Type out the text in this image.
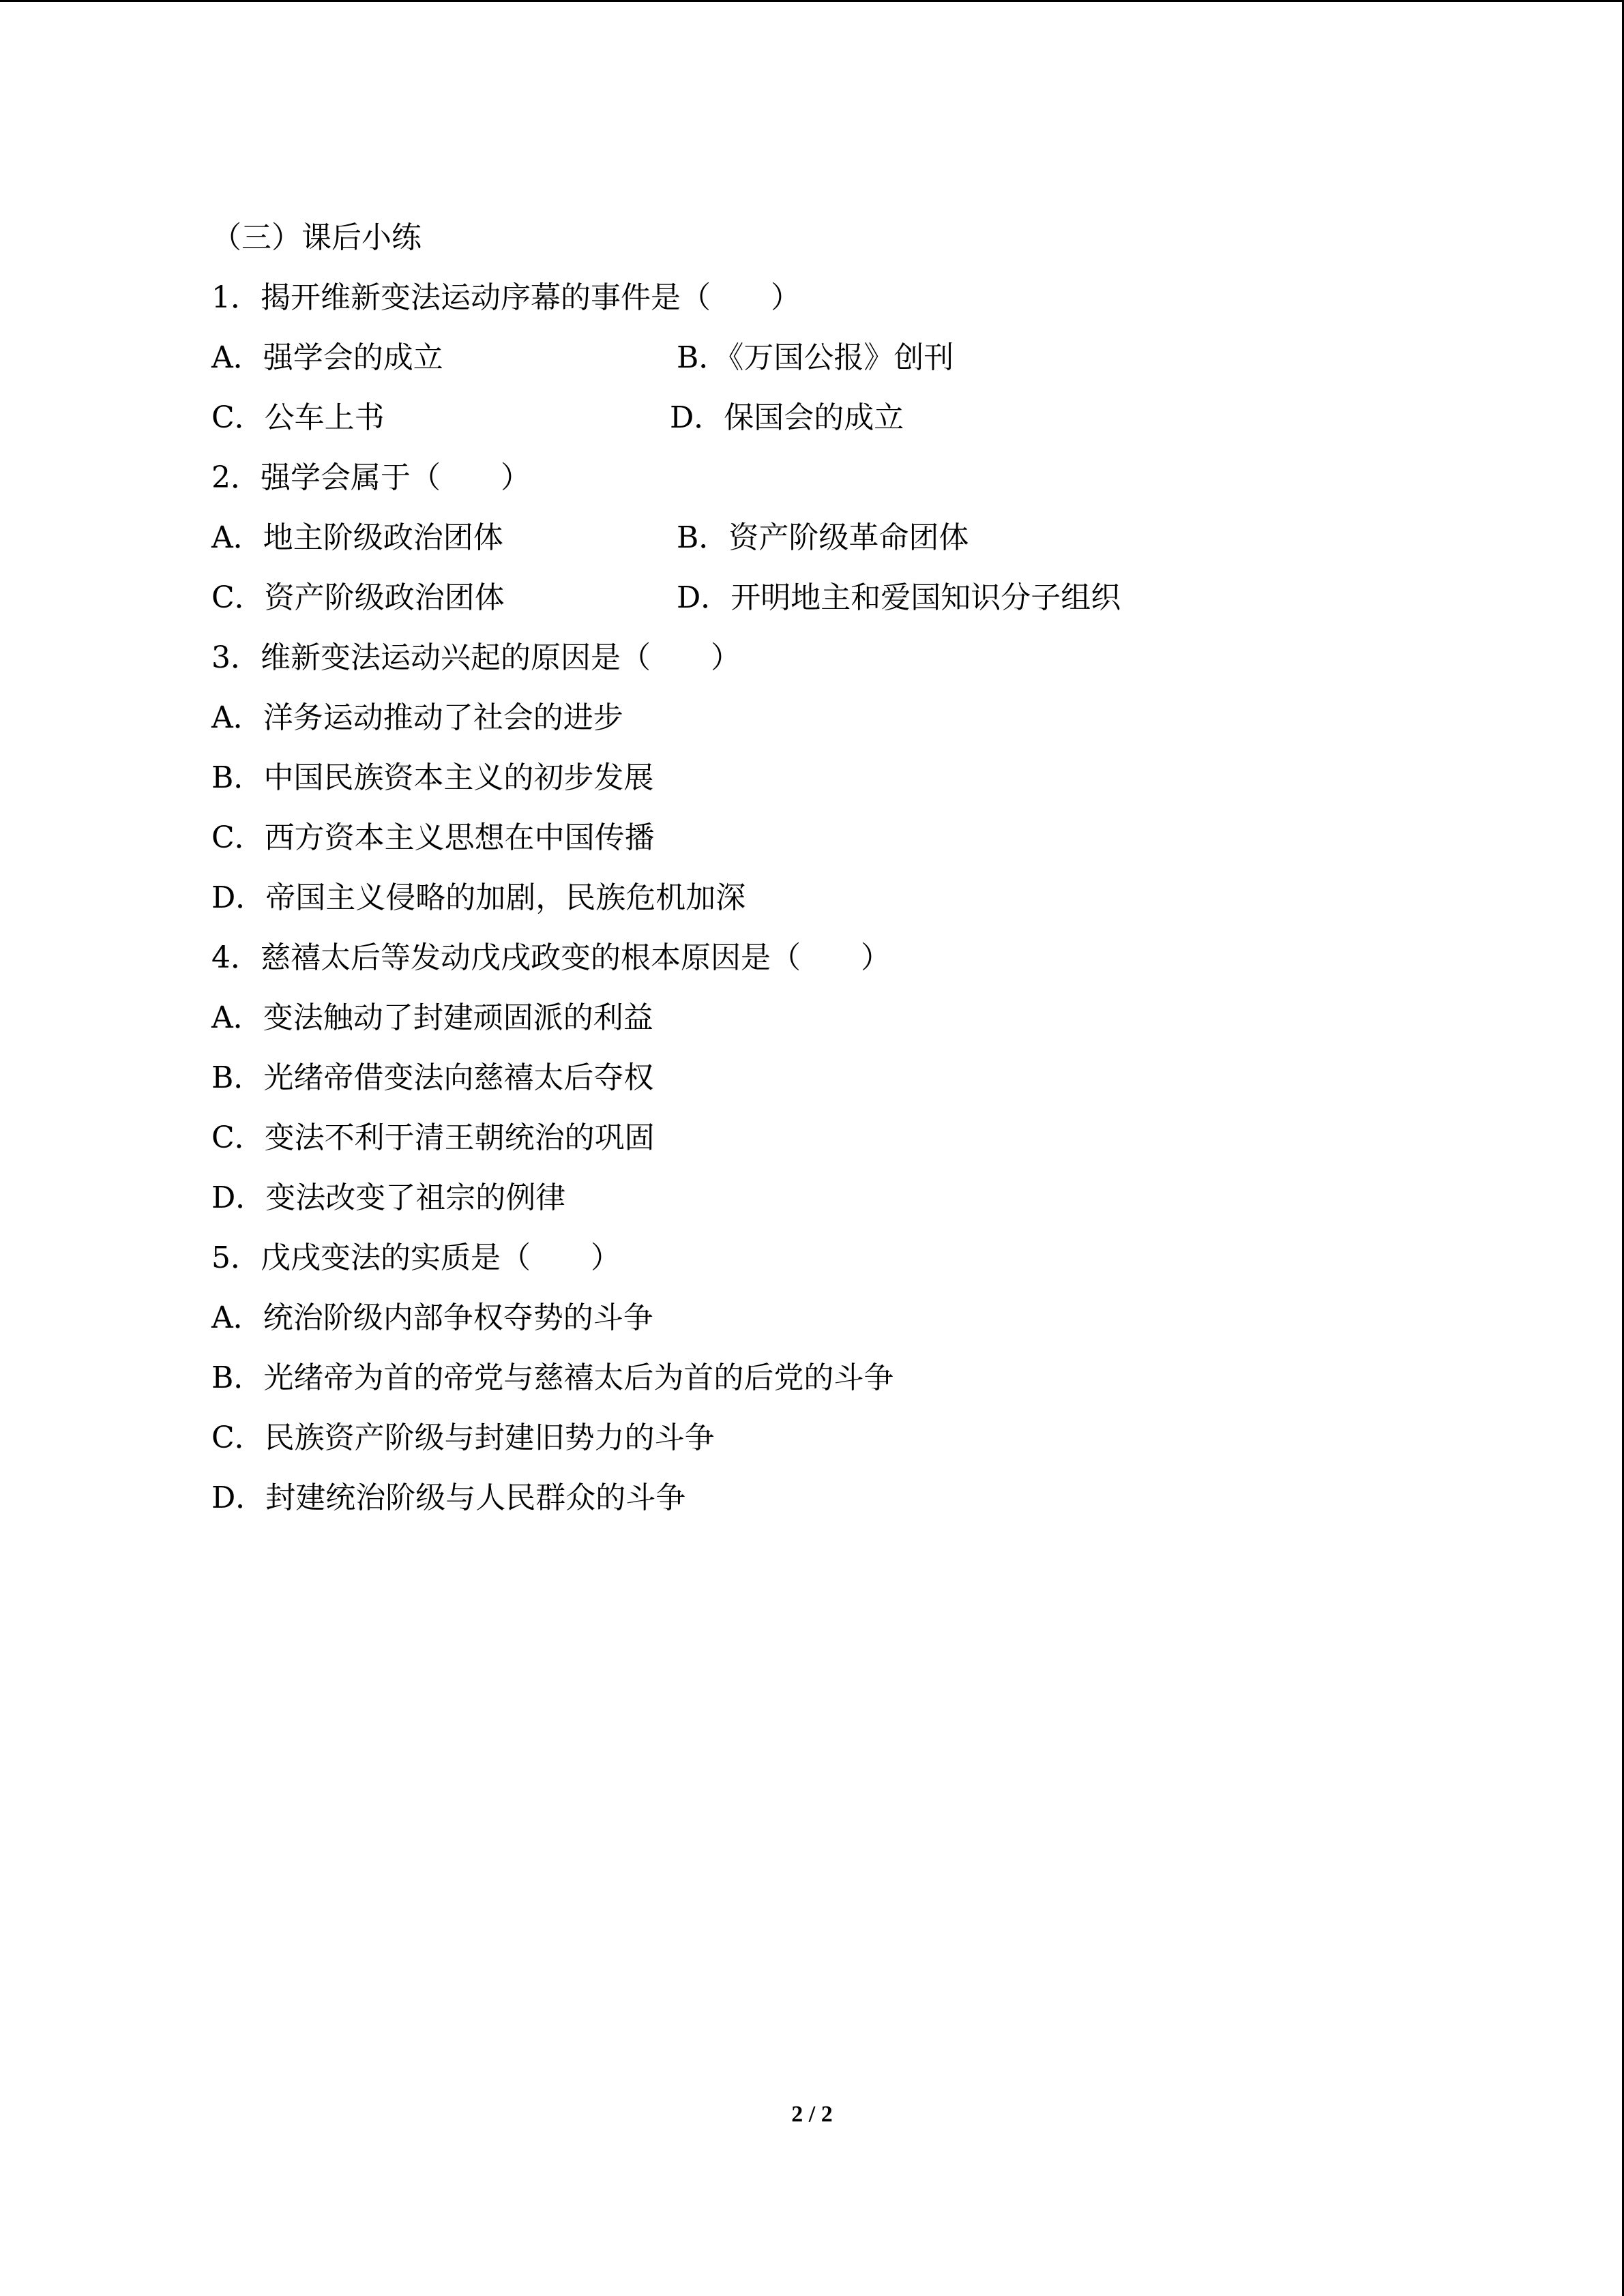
（三）课后小练
1．揭开维新变法运动序幕的事件是（　　）
A．强学会的成立	B．《万国公报》创刊
C．公车上书	D．保国会的成立
2．强学会属于（　　）
A．地主阶级政治团体	B．资产阶级革命团体
C．资产阶级政治团体	D．开明地主和爱国知识分子组织
3．维新变法运动兴起的原因是（　　）
A．洋务运动推动了社会的进步
B．中国民族资本主义的初步发展
C．西方资本主义思想在中国传播
D．帝国主义侵略的加剧，民族危机加深
4．慈禧太后等发动戊戌政变的根本原因是（　　）
A．变法触动了封建顽固派的利益
B．光绪帝借变法向慈禧太后夺权
C．变法不利于清王朝统治的巩固
D．变法改变了祖宗的例律
5．戊戌变法的实质是（　　）
A．统治阶级内部争权夺势的斗争
B．光绪帝为首的帝党与慈禧太后为首的后党的斗争
C．民族资产阶级与封建旧势力的斗争
D．封建统治阶级与人民群众的斗争
2 / 2
